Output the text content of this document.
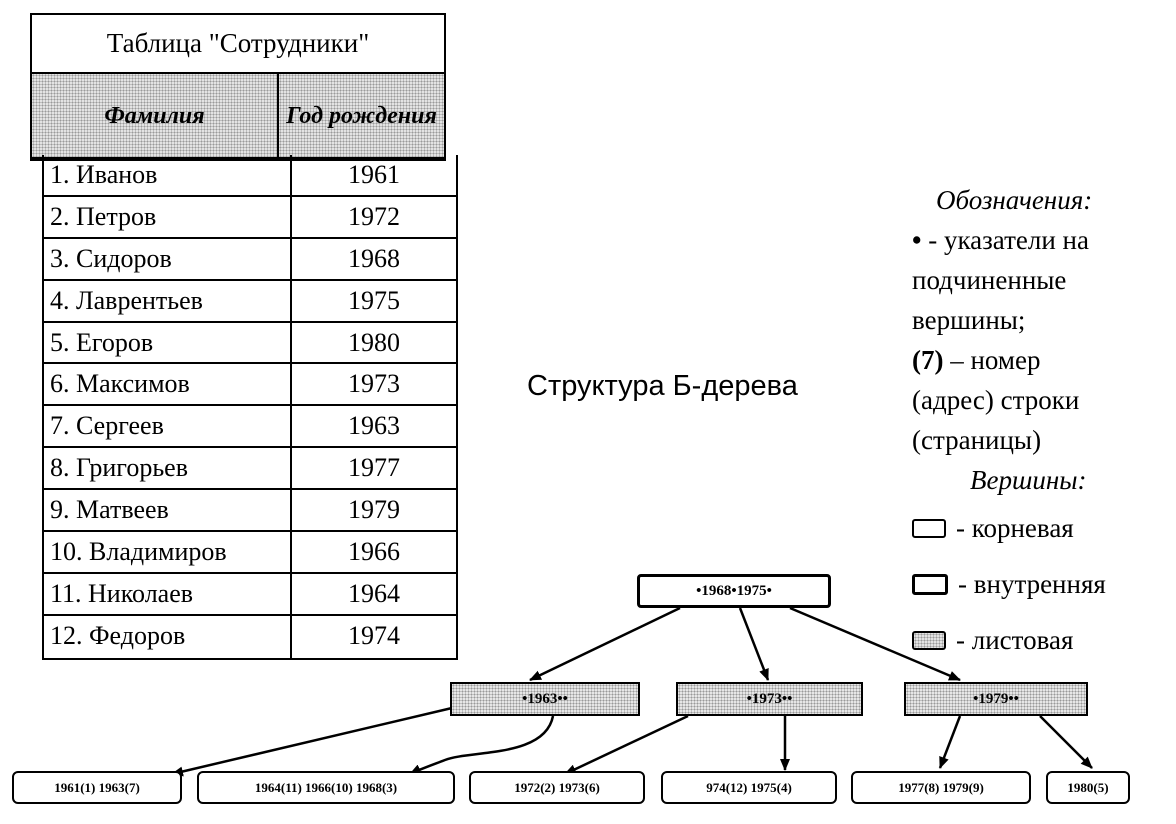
Таблица "Сотрудники"
Фамилия	Год рождения
1. Иванов	1961
2. Петров	1972
3. Сидоров	1968
4. Лаврентьев	1975
5. Егоров	1980
6. Максимов	1973
7. Сергеев	1963
8. Григорьев	1977
9. Матвеев	1979
10. Владимиров	1966
11. Николаев	1964
12. Федоров	1974
Обозначения:
• - указатели на
подчиненные
вершины;
(7) – номер
(адрес) строки
(страницы)
Вершины:
- корневая
- внутренняя
- листовая
Структура Б-дерева
•1968•1975•
•1963••	•1973••	•1979••
1961(1) 1963(7)	1964(11) 1966(10) 1968(3)	1972(2) 1973(6)	974(12) 1975(4)	1977(8) 1979(9)	1980(5)
